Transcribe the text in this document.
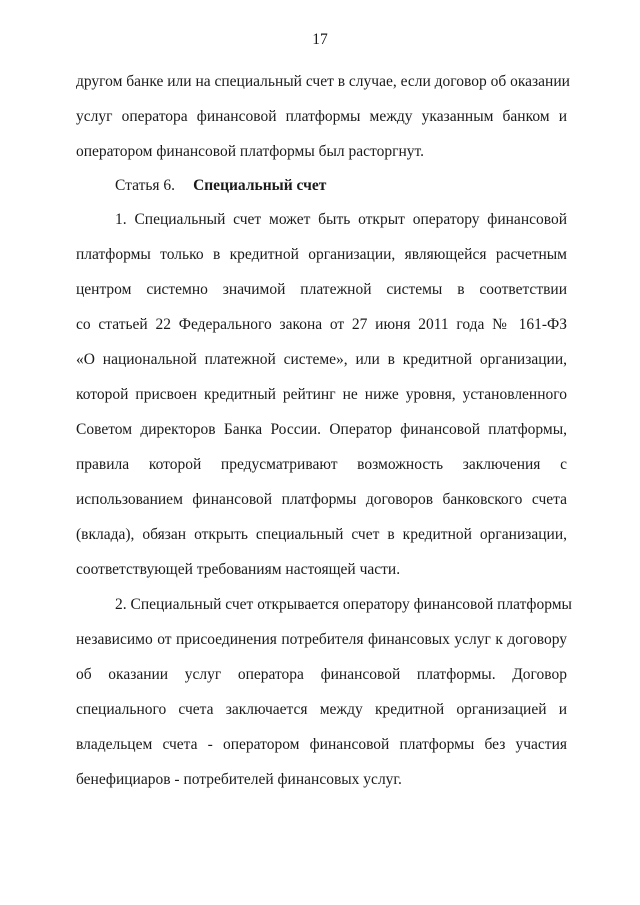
17
другом банке или на специальный счет в случае, если договор об оказании
услуг оператора финансовой платформы между указанным банком и
оператором финансовой платформы был расторгнут.
Статья 6. Специальный счет
1. Специальный счет может быть открыт оператору финансовой
платформы только в кредитной организации, являющейся расчетным
центром системно значимой платежной системы в соответствии
со статьей 22 Федерального закона от 27 июня 2011 года № 161-ФЗ
«О национальной платежной системе», или в кредитной организации,
которой присвоен кредитный рейтинг не ниже уровня, установленного
Советом директоров Банка России. Оператор финансовой платформы,
правила которой предусматривают возможность заключения с
использованием финансовой платформы договоров банковского счета
(вклада), обязан открыть специальный счет в кредитной организации,
соответствующей требованиям настоящей части.
2. Специальный счет открывается оператору финансовой платформы
независимо от присоединения потребителя финансовых услуг к договору
об оказании услуг оператора финансовой платформы. Договор
специального счета заключается между кредитной организацией и
владельцем счета - оператором финансовой платформы без участия
бенефициаров - потребителей финансовых услуг.
